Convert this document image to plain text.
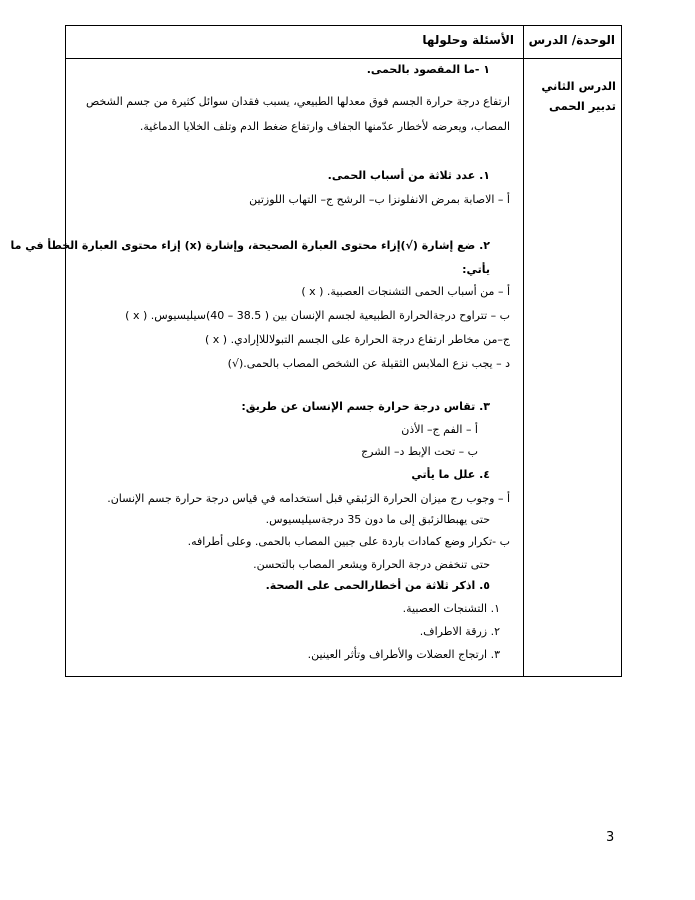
الوحدة/ الدرس
الأسئلة وحلولها
الدرس الثاني تدبير الحمى
١ -ما المقصود بالحمى.
ارتفاع درجة حرارة الجسم فوق معدلها الطبيعي، يسبب فقدان سوائل كثيرة من جسم الشخص
المصاب، ويعرضه لأخطار عدّمنها الجفاف وارتفاع ضغط الدم وتلف الخلايا الدماغية.
١. عدد ثلاثة من أسباب الحمى.
أ – الاصابة بمرض الانفلونزا ب– الرشح ج– التهاب اللوزتين
٢. ضع إشارة (√)إزاء محتوى العبارة الصحيحة، وإشارة (x) إزاء محتوى العبارة الخطأ في ما
يأتي:
أ – من أسباب الحمى التشنجات العصبية. ( x )
ب – تتراوح درجةالحرارة الطبيعية لجسم الإنسان بين ( 38.5 – 40)سيليسيوس. ( x )
ج–من مخاطر ارتفاع درجة الحرارة على الجسم التبولاللاإرادي. ( x )
د – يجب نزع الملابس الثقيلة عن الشخص المصاب بالحمى.(√)
٣. تقاس درجة حرارة جسم الإنسان عن طريق:
أ – الفم ج– الأذن
ب – تحت الإبط د– الشرج
٤. علل ما يأتي
أ – وجوب رج ميزان الحرارة الزئبقي قبل استخدامه في قياس درجة حرارة جسم الإنسان.
حتى يهبطالزئبق إلى ما دون 35 درجةسيليسيوس.
ب -تكرار وضع كمادات باردة على جبين المصاب بالحمى. وعلى أطرافه.
حتى تنخفض درجة الحرارة ويشعر المصاب بالتحسن.
٥. اذكر ثلاثة من أخطارالحمى على الصحة.
١. التشنجات العصبية.
٢. زرقة الاطراف.
٣. ارتجاج العضلات والأطراف وتأثر العينين.
3
